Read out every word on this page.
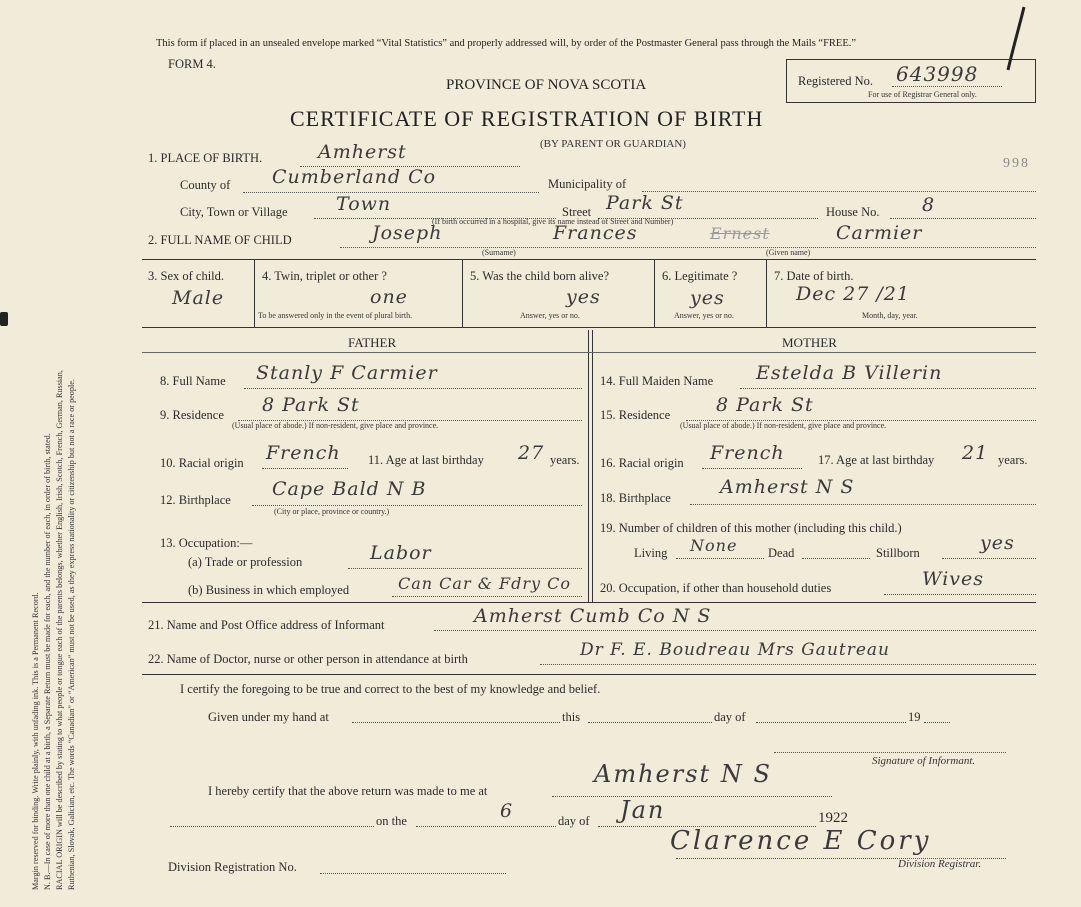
Margin reserved for binding. Write plainly, with unfading ink. This is a Permanent Record. N. B.—In case of more than one child at a birth, a Separate Return must be made for each, and the number of each, in order of birth, stated. RACIAL ORIGIN will be described by stating to what people or tongue each of the parents belongs, whether English, Irish, Scotch, French, German, Russian, Ruthenian, Slovak, Galician, etc. The words “Canadian” or “American” must not be used, as they express nationality or citizenship but not a race or people.
This form if placed in an unsealed envelope marked “Vital Statistics” and properly addressed will, by order of the Postmaster General pass through the Mails “FREE.”
FORM 4.
PROVINCE OF NOVA SCOTIA
CERTIFICATE OF REGISTRATION OF BIRTH
(BY PARENT OR GUARDIAN)
Registered No. 643998
For use of Registrar General only.
998
1. PLACE OF BIRTH.	Amherst
County of Cumberland Co	Municipality of
City, Town or Village	Town	Street Park St	House No. 8
(If birth occurred in a hospital, give its name instead of Street and Number)
2. FULL NAME OF CHILD	Joseph	Frances	Ernest	Carmier
(Surname)	(Given name)
3. Sex of child.
Male
4. Twin, triplet or other ?
one
To be answered only in the event of plural birth.
5. Was the child born alive?
yes
Answer, yes or no.
6. Legitimate ?
yes
Answer, yes or no.
7. Date of birth.
Dec 27 /21
Month, day, year.
FATHER	MOTHER
8. Full Name Stanly F Carmier
9. Residence 8 Park St
(Usual place of abode.) If non-resident, give place and province.
10. Racial origin French 11. Age at last birthday 27 years.
12. Birthplace Cape Bald N B
(City or place, province or country.)
13. Occupation:—
(a) Trade or profession	Labor
(b) Business in which employed	Can Car & Fdry Co
14. Full Maiden Name Estelda B Villerin
15. Residence 8 Park St
(Usual place of abode.) If non-resident, give place and province.
16. Racial origin French	17. Age at last birthday 21 years.
18. Birthplace	Amherst N S
19. Number of children of this mother (including this child.)
Living None Dead	Stillborn	yes
20. Occupation, if other than household duties	Wives
21. Name and Post Office address of Informant	Amherst Cumb Co N S
22. Name of Doctor, nurse or other person in attendance at birth	Dr F. E. Boudreau Mrs Gautreau
I certify the foregoing to be true and correct to the best of my knowledge and belief.
Given under my hand at	this	day of	19
Signature of Informant.
I hereby certify that the above return was made to me at
Amherst N S
on the	6	day of Jan	1922
Clarence E Cory
Division Registration No.	Division Registrar.
